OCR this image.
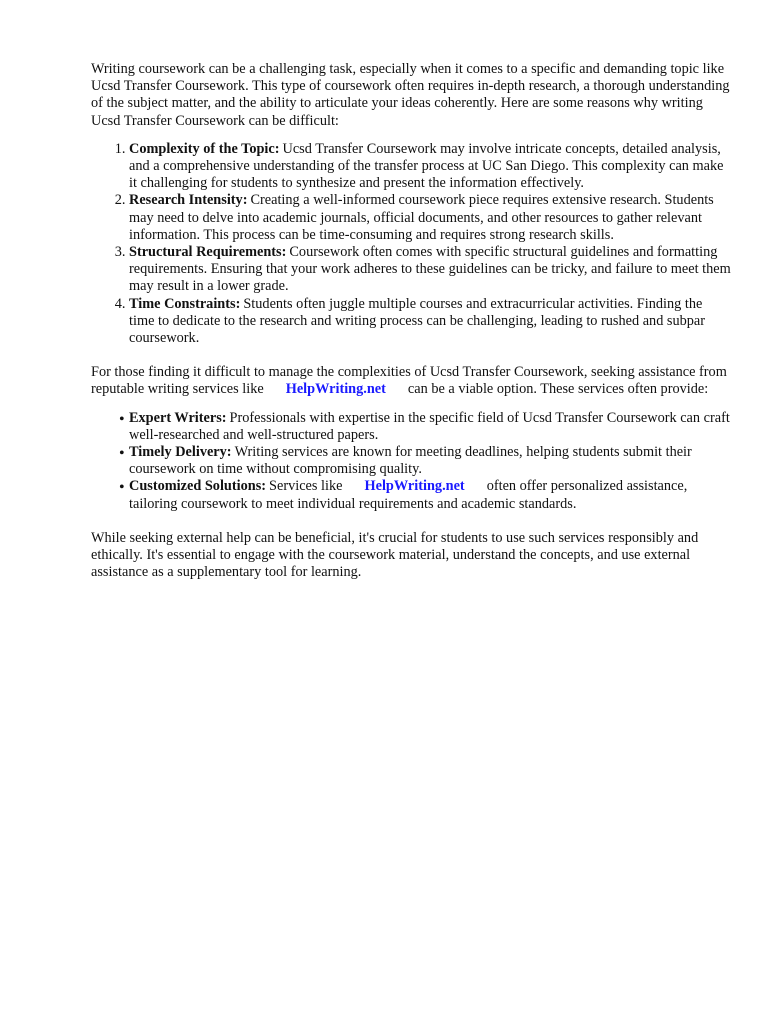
Writing coursework can be a challenging task, especially when it comes to a specific and demanding topic like Ucsd Transfer Coursework. This type of coursework often requires in-depth research, a thorough understanding of the subject matter, and the ability to articulate your ideas coherently. Here are some reasons why writing Ucsd Transfer Coursework can be difficult:

1. Complexity of the Topic: Ucsd Transfer Coursework may involve intricate concepts, detailed analysis, and a comprehensive understanding of the transfer process at UC San Diego. This complexity can make it challenging for students to synthesize and present the information effectively.
2. Research Intensity: Creating a well-informed coursework piece requires extensive research. Students may need to delve into academic journals, official documents, and other resources to gather relevant information. This process can be time-consuming and requires strong research skills.
3. Structural Requirements: Coursework often comes with specific structural guidelines and formatting requirements. Ensuring that your work adheres to these guidelines can be tricky, and failure to meet them may result in a lower grade.
4. Time Constraints: Students often juggle multiple courses and extracurricular activities. Finding the time to dedicate to the research and writing process can be challenging, leading to rushed and subpar coursework.

For those finding it difficult to manage the complexities of Ucsd Transfer Coursework, seeking assistance from reputable writing services like HelpWriting.net can be a viable option. These services often provide:

• Expert Writers: Professionals with expertise in the specific field of Ucsd Transfer Coursework can craft well-researched and well-structured papers.
• Timely Delivery: Writing services are known for meeting deadlines, helping students submit their coursework on time without compromising quality.
• Customized Solutions: Services like HelpWriting.net often offer personalized assistance, tailoring coursework to meet individual requirements and academic standards.

While seeking external help can be beneficial, it's crucial for students to use such services responsibly and ethically. It's essential to engage with the coursework material, understand the concepts, and use external assistance as a supplementary tool for learning.
